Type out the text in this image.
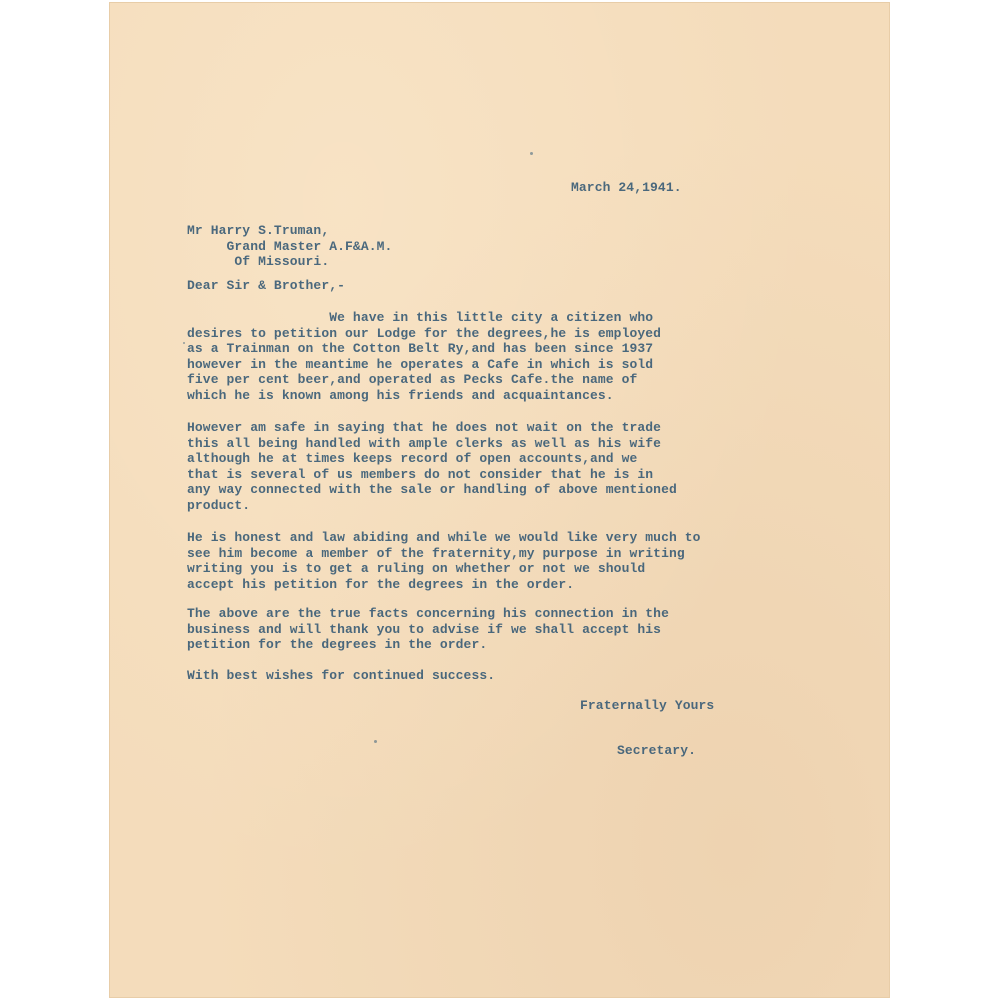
March 24,1941.

Mr Harry S.Truman,
Grand Master A.F&A.M.
Of Missouri.

Dear Sir & Brother,-

We have in this little city a citizen who
desires to petition our Lodge for the degrees,he is employed
as a Trainman on the Cotton Belt Ry,and has been since 1937
however in the meantime he operates a Cafe in which is sold
five per cent beer,and operated as Pecks Cafe.the name of
which he is known among his friends and acquaintances.

However am safe in saying that he does not wait on the trade
this all being handled with ample clerks as well as his wife
although he at times keeps record of open accounts,and we
that is several of us members do not consider that he is in
any way connected with the sale or handling of above mentioned
product.

He is honest and law abiding and while we would like very much to
see him become a member of the fraternity,my purpose in writing
writing you is to get a ruling on whether or not we should
accept his petition for the degrees in the order.

The above are the true facts concerning his connection in the
business and will thank you to advise if we shall accept his
petition for the degrees in the order.

With best wishes for continued success.

Fraternally Yours

Secretary.
